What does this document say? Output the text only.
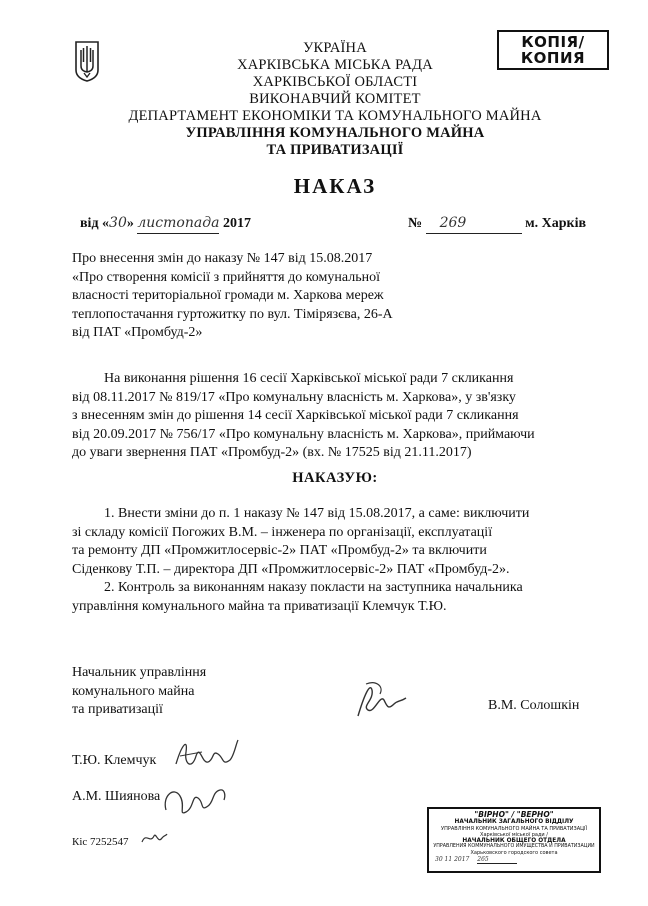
КОПІЯ/КОПИЯ
УКРАЇНА
ХАРКІВСЬКА МІСЬКА РАДА
ХАРКІВСЬКОЇ ОБЛАСТІ
ВИКОНАВЧИЙ КОМІТЕТ
ДЕПАРТАМЕНТ ЕКОНОМІКИ ТА КОМУНАЛЬНОГО МАЙНА
УПРАВЛІННЯ КОМУНАЛЬНОГО МАЙНА
ТА ПРИВАТИЗАЦІЇ
НАКАЗ
від «30» листопада 2017	№ 269	м. Харків
Про внесення змін до наказу № 147 від 15.08.2017
«Про створення комісії з прийняття до комунальної
власності територіальної громади м. Харкова мереж
теплопостачання гуртожитку по вул. Тімірязєва, 26-А
від ПАТ «Промбуд-2»
На виконання рішення 16 сесії Харківської міської ради 7 скликання
від 08.11.2017 № 819/17 «Про комунальну власність м. Харкова», у зв'язку
з внесенням змін до рішення 14 сесії Харківської міської ради 7 скликання
від 20.09.2017 № 756/17 «Про комунальну власність м. Харкова», приймаючи
до уваги звернення ПАТ «Промбуд-2» (вх. № 17525 від 21.11.2017)
НАКАЗУЮ:
1. Внести зміни до п. 1 наказу № 147 від 15.08.2017, а саме: виключити
зі складу комісії Погожих В.М. – інженера по організації, експлуатації
та ремонту ДП «Промжитлосервіс-2» ПАТ «Промбуд-2» та включити
Сіденкову Т.П. – директора ДП «Промжитлосервіс-2» ПАТ «Промбуд-2».
2. Контроль за виконанням наказу покласти на заступника начальника
управління комунального майна та приватизації Клемчук Т.Ю.
Начальник управління
комунального майна
та приватизації	В.М. Солошкін
Т.Ю. Клемчук
А.М. Шиянова
Кіс 7252547
"ВІРНО" / "ВЕРНО"
НАЧАЛЬНИК ЗАГАЛЬНОГО ВІДДІЛУ
УПРАВЛІННЯ КОМУНАЛЬНОГО МАЙНА ТА ПРИВАТИЗАЦІЇ
Харківської міської ради /
НАЧАЛЬНИК ОБЩЕГО ОТДЕЛА
УПРАВЛЕНИЯ КОММУНАЛЬНОГО ИМУЩЕСТВА И ПРИВАТИЗАЦИИ
Харьковского городского совета
30 11 2017 265
